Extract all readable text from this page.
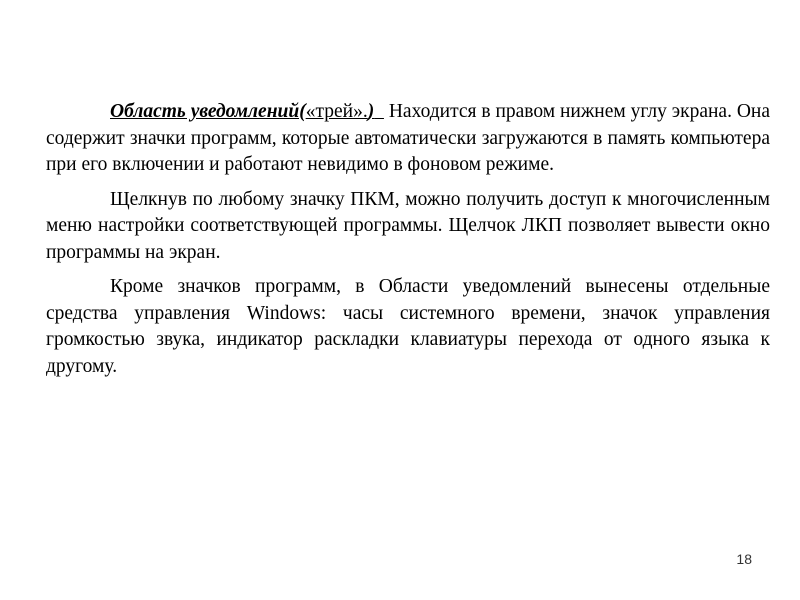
Область уведомлений(«трей».) Находится в правом нижнем углу экрана. Она содержит значки программ, которые автоматически загружаются в память компьютера при его включении и работают невидимо в фоновом режиме.

Щелкнув по любому значку ПКМ, можно получить доступ к многочисленным меню настройки соответствующей программы. Щелчок ЛКП позволяет вывести окно программы на экран.

Кроме значков программ, в Области уведомлений вынесены отдельные средства управления Windows: часы системного времени, значок управления громкостью звука, индикатор раскладки клавиатуры перехода от одного языка к другому.

18
